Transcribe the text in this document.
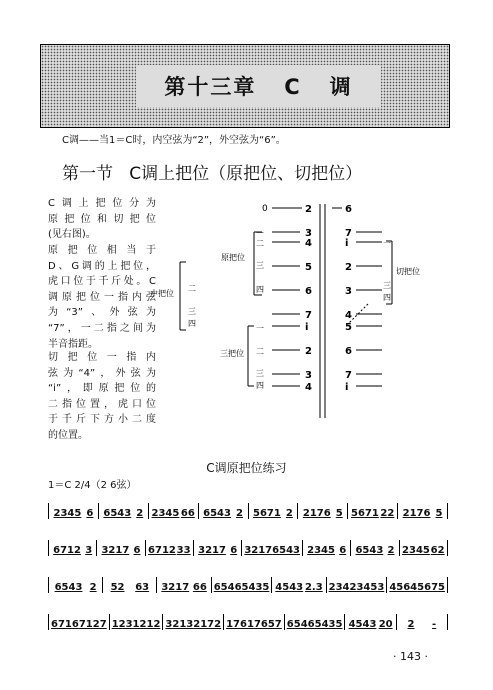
第十三章   C   调
C调——当1＝C时，内空弦为“2”，外空弦为“6”。
第一节   C调上把位（原把位、切把位）
C调上把位分为
原把位和切把位
(见右图)。
原把位相当于
D、G调的上把位，
虎口位于千斤处。C
调原把位一指内弦
为“3”、外弦为
“7”，一二指之间为
半音指距。
切把位一指内
弦为“4”，外弦为
“i”，即原把位的
二指位置，虎口位
于千斤下方小二度
的位置。
0	2
3
4
5
6
7
i
2
3
4
6
7
i
2
3
4
5
6
7
i
一
二
三
四
原把位
切把位
一
三
四
中把位
二
三
四
三把位
一
二
三
四
C调原把位练习
1＝C 2/4（2 6弦）
2345 6 6543 2 2345 66 6543 2 5671 2 2176 5 5671 22 2176 5
6712 3 3217 6 6712 33 3217 6 3217 6543 2345 6 6543 2 2345 62
6543 2 52 63 3217 66 6546 5435 4543 2.3 2342 3453 4564 5675
6716 7127 1231 212 3213 2172 1761 7657 6546 5435 4543 20 2 -
· 143 ·
